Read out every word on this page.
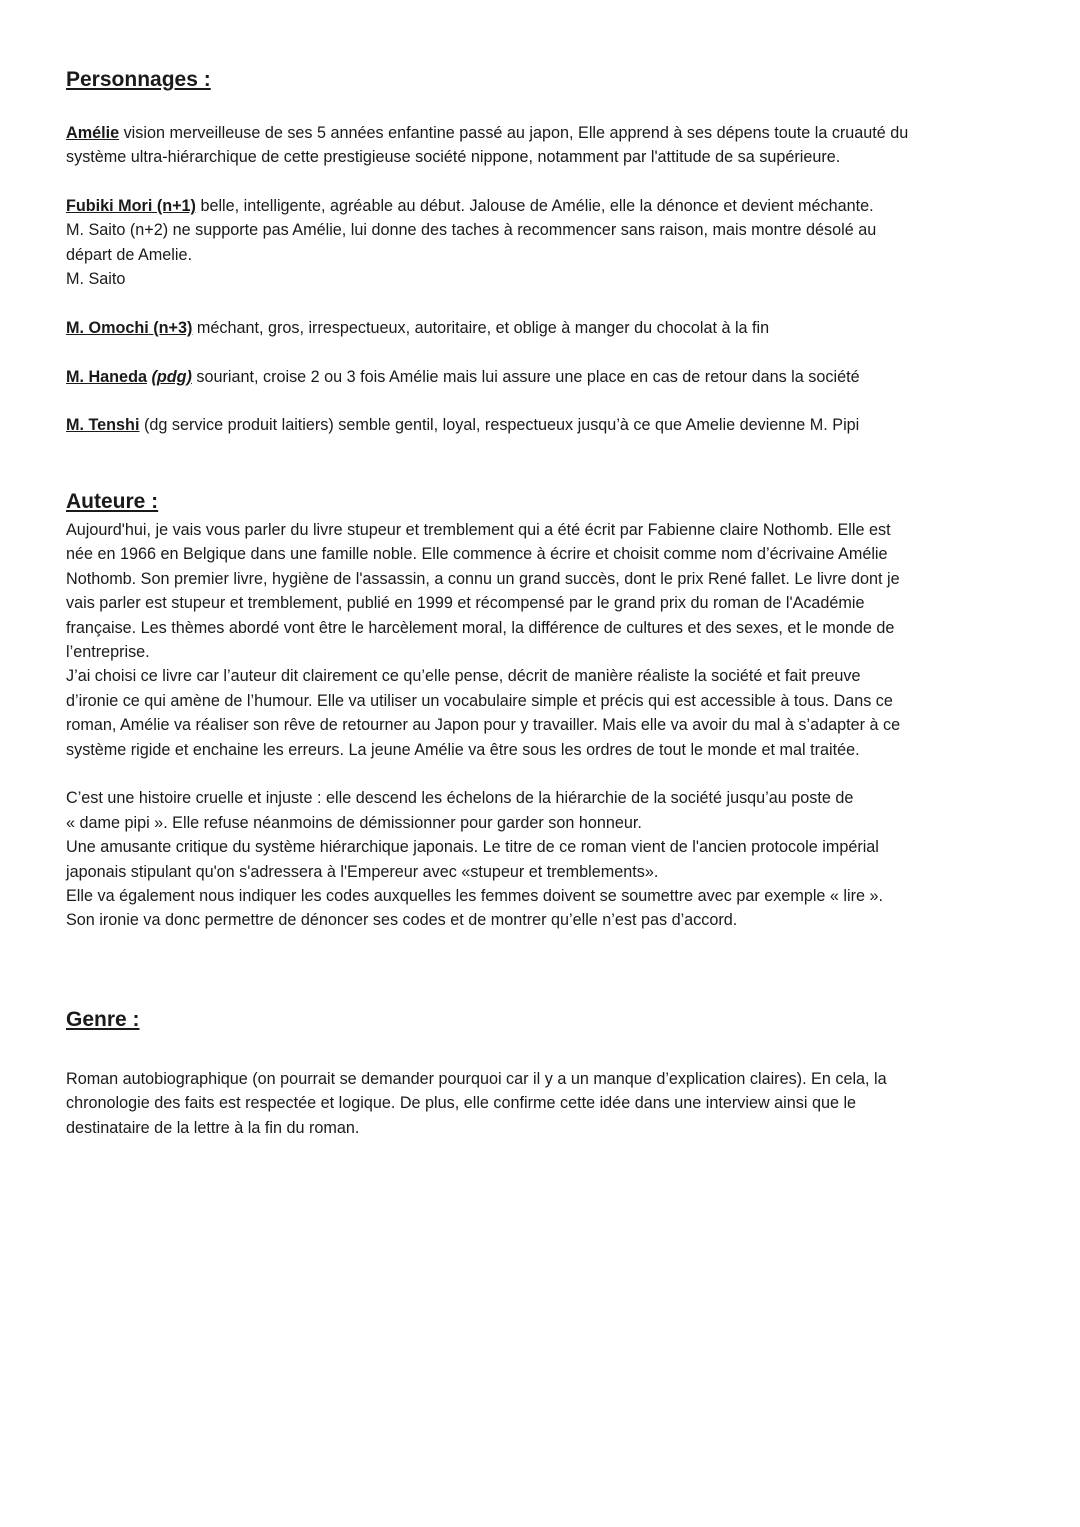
Personnages :
Amélie vision merveilleuse de ses 5 années enfantine passé au japon, Elle apprend à ses dépens toute la cruauté du
système ultra-hiérarchique de cette prestigieuse société nippone, notamment par l'attitude de sa supérieure.
Fubiki Mori (n+1) belle, intelligente, agréable au début. Jalouse de Amélie, elle la dénonce et devient méchante.
M. Saito (n+2) ne supporte pas Amélie, lui donne des taches à recommencer sans raison, mais montre désolé au
départ de Amelie.
M. Saito
M. Omochi (n+3) méchant, gros, irrespectueux, autoritaire, et oblige à manger du chocolat à la fin
M. Haneda (pdg) souriant, croise 2 ou 3 fois Amélie mais lui assure une place en cas de retour dans la société
M. Tenshi (dg service produit laitiers) semble gentil, loyal, respectueux jusqu’à ce que Amelie devienne M. Pipi
Auteure :
Aujourd'hui, je vais vous parler du livre stupeur et tremblement qui a été écrit par Fabienne claire Nothomb. Elle est
née en 1966 en Belgique dans une famille noble. Elle commence à écrire et choisit comme nom d’écrivaine Amélie
Nothomb. Son premier livre, hygiène de l'assassin, a connu un grand succès, dont le prix René fallet. Le livre dont je
vais parler est stupeur et tremblement, publié en 1999 et récompensé par le grand prix du roman de l'Académie
française. Les thèmes abordé vont être le harcèlement moral, la différence de cultures et des sexes, et le monde de
l’entreprise.
J’ai choisi ce livre car l’auteur dit clairement ce qu’elle pense, décrit de manière réaliste la société et fait preuve
d’ironie ce qui amène de l’humour. Elle va utiliser un vocabulaire simple et précis qui est accessible à tous. Dans ce
roman, Amélie va réaliser son rêve de retourner au Japon pour y travailler. Mais elle va avoir du mal à s’adapter à ce
système rigide et enchaine les erreurs. La jeune Amélie va être sous les ordres de tout le monde et mal traitée.
C’est une histoire cruelle et injuste : elle descend les échelons de la hiérarchie de la société jusqu’au poste de
« dame pipi ». Elle refuse néanmoins de démissionner pour garder son honneur.
Une amusante critique du système hiérarchique japonais. Le titre de ce roman vient de l'ancien protocole impérial
japonais stipulant qu'on s'adressera à l'Empereur avec «stupeur et tremblements».
Elle va également nous indiquer les codes auxquelles les femmes doivent se soumettre avec par exemple « lire ».
Son ironie va donc permettre de dénoncer ses codes et de montrer qu’elle n’est pas d’accord.
Genre :
Roman autobiographique (on pourrait se demander pourquoi car il y a un manque d’explication claires). En cela, la
chronologie des faits est respectée et logique. De plus, elle confirme cette idée dans une interview ainsi que le
destinataire de la lettre à la fin du roman.
